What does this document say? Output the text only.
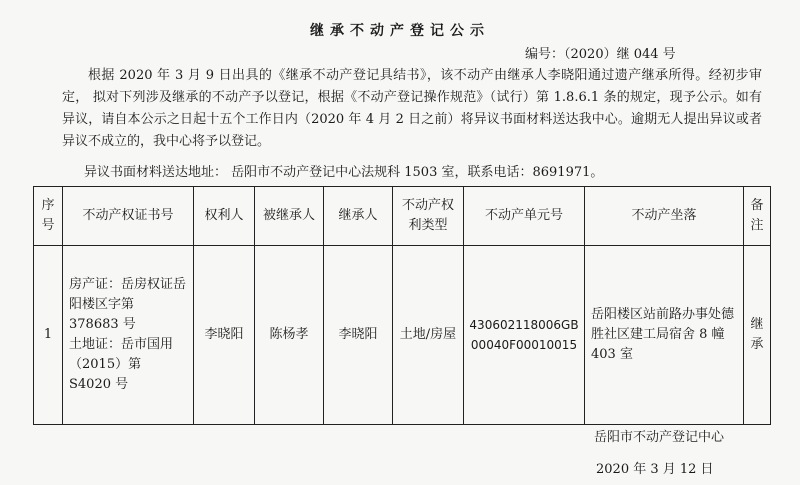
继承不动产登记公示
编号：（2020）继 044 号

根据 2020 年 3 月 9 日出具的《继承不动产登记具结书》，该不动产由继承人李晓阳通过遗产继承所得。经初步审定， 拟对下列涉及继承的不动产予以登记，根据《不动产登记操作规范》（试行）第 1.8.6.1 条的规定，现予公示。如有异议，请自本公示之日起十五个工作日内（2020 年 4 月 2 日之前）将异议书面材料送达我中心。逾期无人提出异议或者异议不成立的，我中心将予以登记。

异议书面材料送达地址： 岳阳市不动产登记中心法规科 1503 室，联系电话：8691971。
序号	不动产权证书号	权利人	被继承人	继承人	不动产权利类型	不动产单元号	不动产坐落	备注
1	房产证：岳房权证岳阳楼区字第 378683 号
土地证：岳市国用（2015）第 S4020 号	李晓阳	陈杨孝	李晓阳	土地/房屋	430602118006GB00040F00010015	岳阳楼区站前路办事处德胜社区建工局宿舍 8 幢 403 室	继承
岳阳市不动产登记中心
2020 年 3 月 12 日
